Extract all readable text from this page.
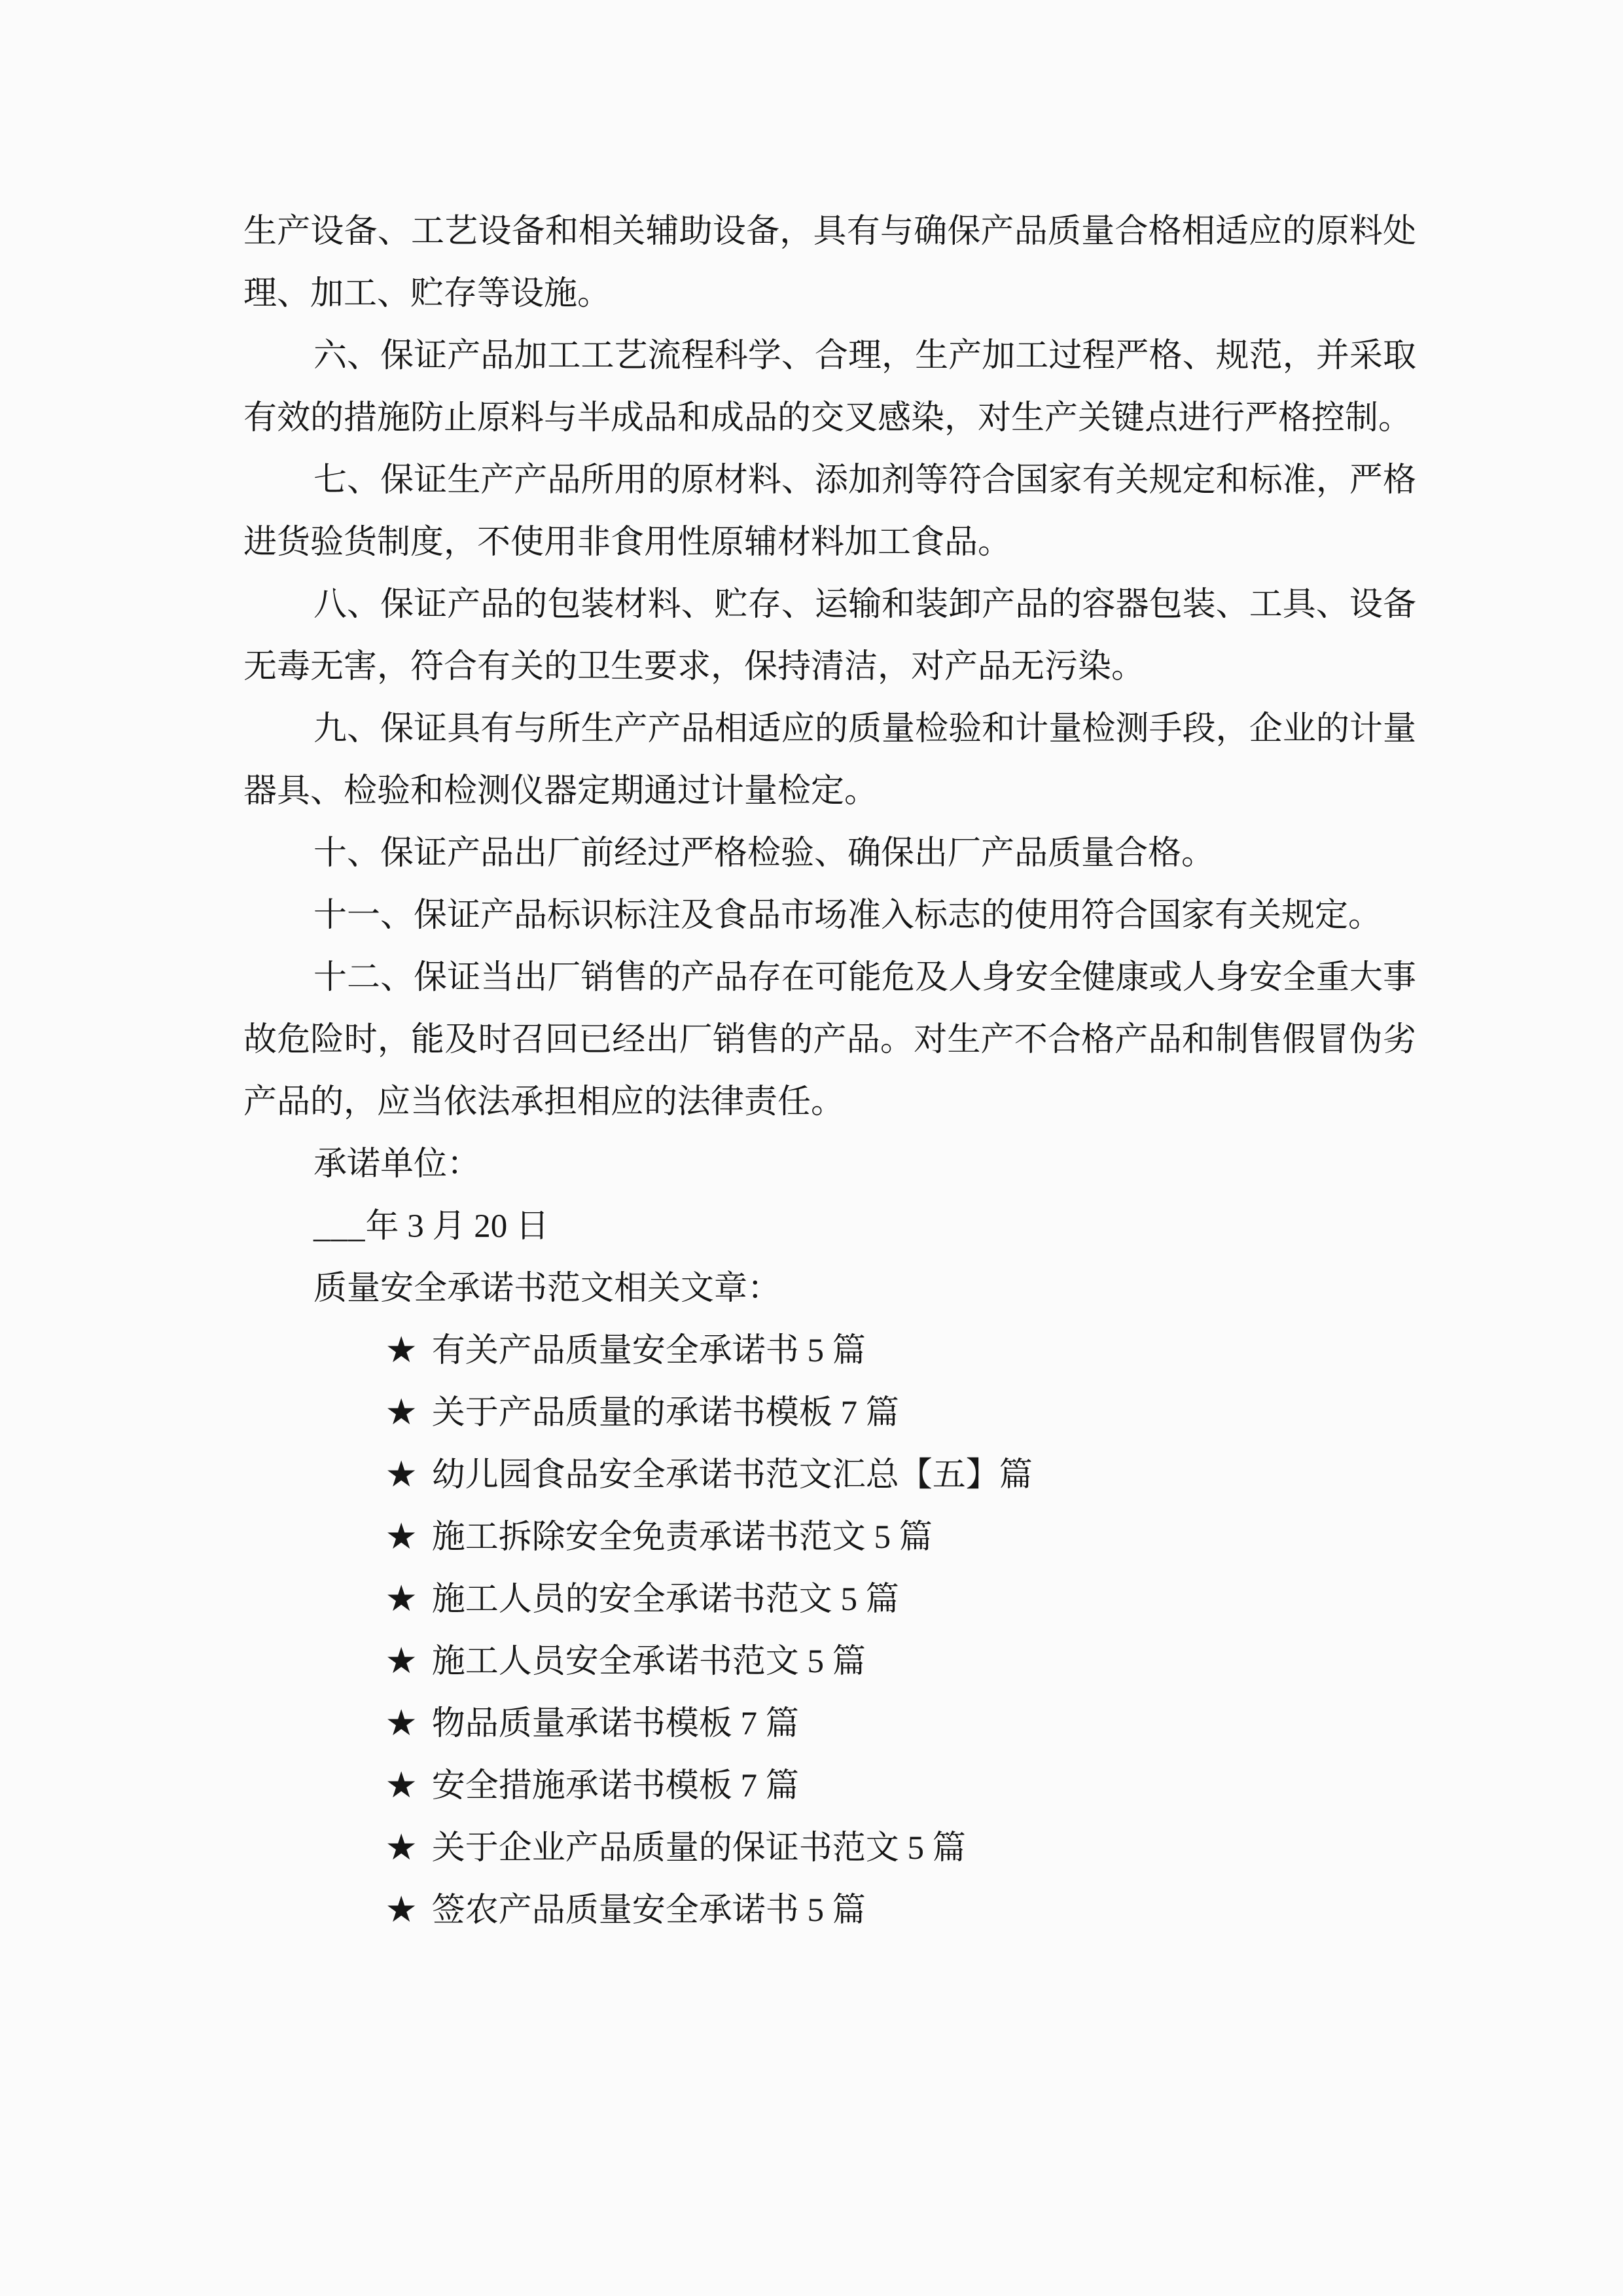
生产设备、工艺设备和相关辅助设备，具有与确保产品质量合格相适应的原料处理、加工、贮存等设施。

六、保证产品加工工艺流程科学、合理，生产加工过程严格、规范，并采取有效的措施防止原料与半成品和成品的交叉感染，对生产关键点进行严格控制。

七、保证生产产品所用的原材料、添加剂等符合国家有关规定和标准，严格进货验货制度，不使用非食用性原辅材料加工食品。

八、保证产品的包装材料、贮存、运输和装卸产品的容器包装、工具、设备无毒无害，符合有关的卫生要求，保持清洁，对产品无污染。

九、保证具有与所生产产品相适应的质量检验和计量检测手段，企业的计量器具、检验和检测仪器定期通过计量检定。

十、保证产品出厂前经过严格检验、确保出厂产品质量合格。

十一、保证产品标识标注及食品市场准入标志的使用符合国家有关规定。

十二、保证当出厂销售的产品存在可能危及人身安全健康或人身安全重大事故危险时，能及时召回已经出厂销售的产品。对生产不合格产品和制售假冒伪劣产品的，应当依法承担相应的法律责任。

承诺单位：

___年 3 月 20 日

质量安全承诺书范文相关文章：

★ 有关产品质量安全承诺书 5 篇

★ 关于产品质量的承诺书模板 7 篇

★ 幼儿园食品安全承诺书范文汇总【五】篇

★ 施工拆除安全免责承诺书范文 5 篇

★ 施工人员的安全承诺书范文 5 篇

★ 施工人员安全承诺书范文 5 篇

★ 物品质量承诺书模板 7 篇

★ 安全措施承诺书模板 7 篇

★ 关于企业产品质量的保证书范文 5 篇

★ 签农产品质量安全承诺书 5 篇
